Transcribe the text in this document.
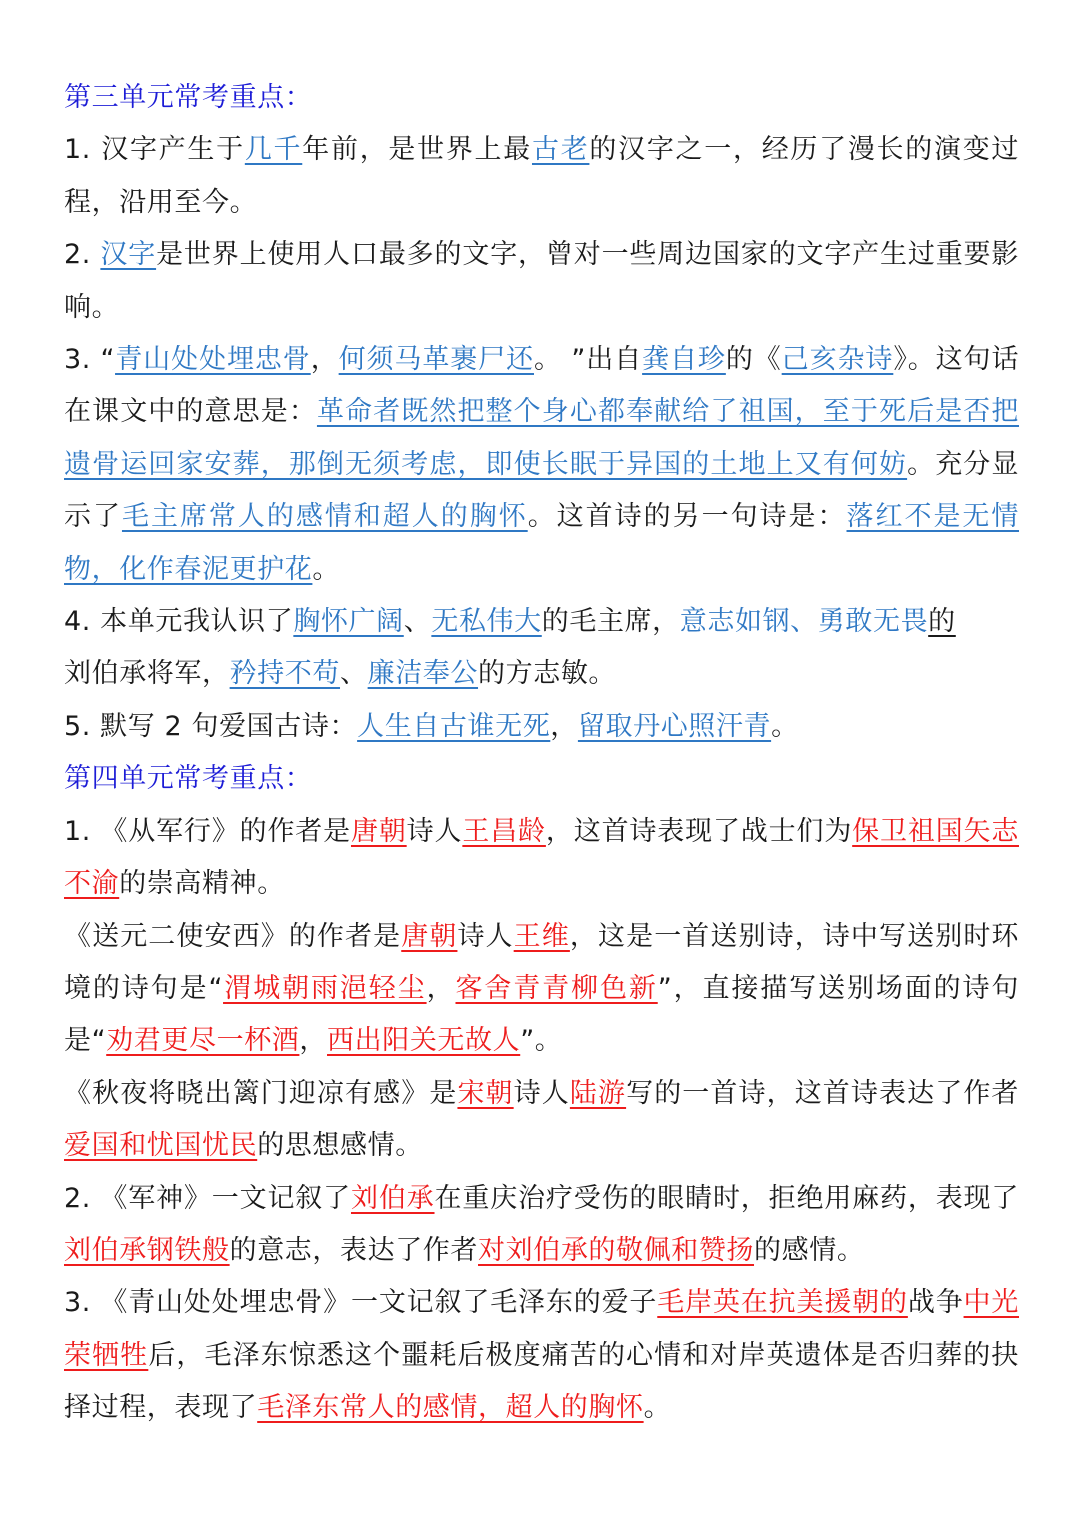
第三单元常考重点：

1. 汉字产生于几千年前，是世界上最古老的汉字之一，经历了漫长的演变过程，沿用至今。

2. 汉字是世界上使用人口最多的文字，曾对一些周边国家的文字产生过重要影响。

3. “青山处处埋忠骨，何须马革裹尸还。 ”出自龚自珍的《己亥杂诗》。这句话在课文中的意思是：革命者既然把整个身心都奉献给了祖国，至于死后是否把遗骨运回家安葬，那倒无须考虑，即使长眠于异国的土地上又有何妨。充分显示了毛主席常人的感情和超人的胸怀。这首诗的另一句诗是：落红不是无情物，化作春泥更护花。

4. 本单元我认识了胸怀广阔、无私伟大的毛主席，意志如钢、勇敢无畏的
刘伯承将军，矜持不苟、廉洁奉公的方志敏。

5. 默写 2 句爱国古诗：人生自古谁无死，留取丹心照汗青。

第四单元常考重点：

1. 《从军行》的作者是唐朝诗人王昌龄，这首诗表现了战士们为保卫祖国矢志不渝的崇高精神。

《送元二使安西》的作者是唐朝诗人王维，这是一首送别诗，诗中写送别时环境的诗句是“渭城朝雨浥轻尘，客舍青青柳色新”，直接描写送别场面的诗句是“劝君更尽一杯酒，西出阳关无故人”。

《秋夜将晓出篱门迎凉有感》是宋朝诗人陆游写的一首诗，这首诗表达了作者爱国和忧国忧民的思想感情。

2. 《军神》一文记叙了刘伯承在重庆治疗受伤的眼睛时，拒绝用麻药，表现了刘伯承钢铁般的意志，表达了作者对刘伯承的敬佩和赞扬的感情。

3. 《青山处处埋忠骨》一文记叙了毛泽东的爱子毛岸英在抗美援朝的战争中光荣牺牲后，毛泽东惊悉这个噩耗后极度痛苦的心情和对岸英遗体是否归葬的抉择过程，表现了毛泽东常人的感情，超人的胸怀。
